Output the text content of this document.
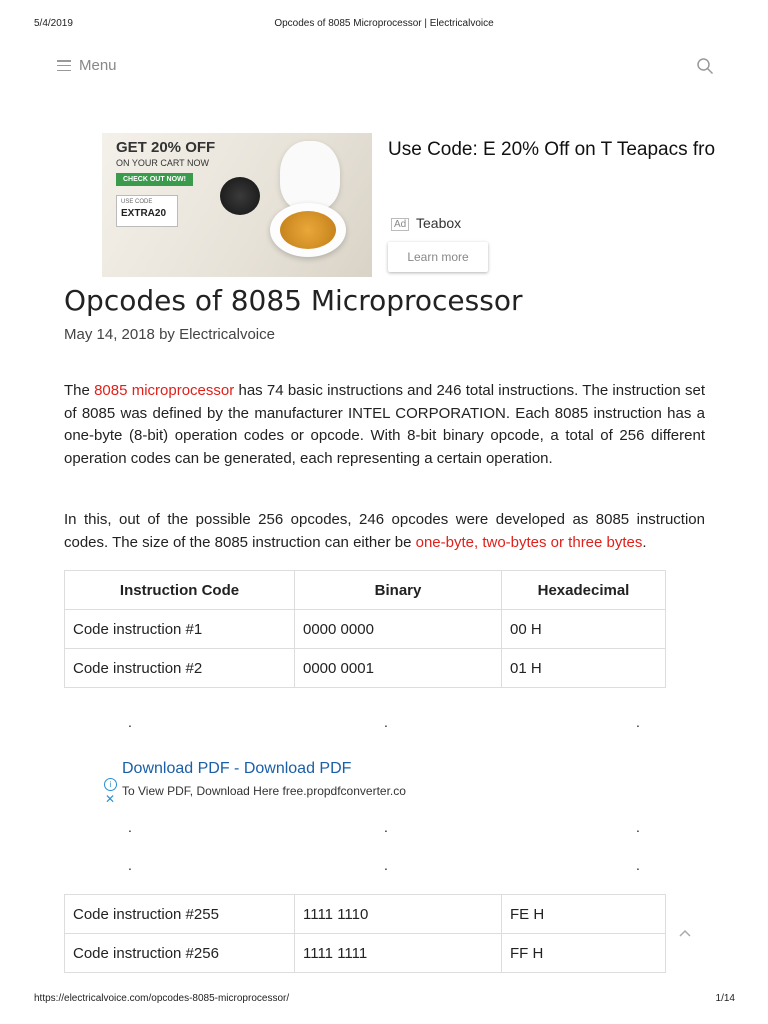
5/4/2019	Opcodes of 8085 Microprocessor | Electricalvoice
Menu
GET 20% OFF
ON YOUR CART NOW
CHECK OUT NOW!
USE CODE
EXTRA20
Use Code: E 20% Off on T Teapacs fro
Ad Teabox
Learn more
Opcodes of 8085 Microprocessor
May 14, 2018 by Electricalvoice

The 8085 microprocessor has 74 basic instructions and 246 total instructions. The instruction set of 8085 was defined by the manufacturer INTEL CORPORATION. Each 8085 instruction has a one-byte (8-bit) operation codes or opcode. With 8-bit binary opcode, a total of 256 different operation codes can be generated, each representing a certain operation.

In this, out of the possible 256 opcodes, 246 opcodes were developed as 8085 instruction codes. The size of the 8085 instruction can either be one-byte, two-bytes or three bytes.

Instruction Code	Binary	Hexadecimal
Code instruction #1	0000 0000	00 H
Code instruction #2	0000 0001	01 H
.	.	.
Download PDF - Download PDF
To View PDF, Download Here free.propdfconverter.co
i
✕
.	.	.
.	.	.
Code instruction #255	1111 1110	FE H
Code instruction #256	1111 1111	FF H
https://electricalvoice.com/opcodes-8085-microprocessor/	1/14
